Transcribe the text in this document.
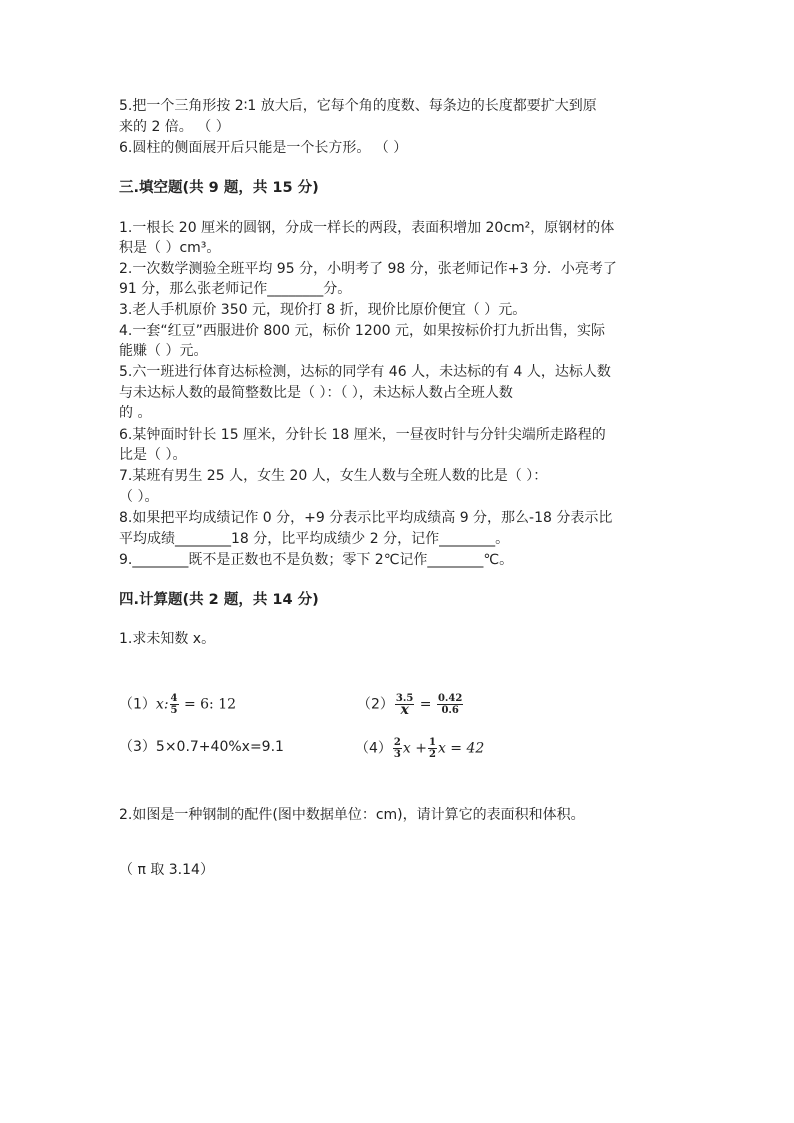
5.把一个三角形按 2∶1 放大后，它每个角的度数、每条边的长度都要扩大到原
来的 2 倍。 （ ）
6.圆柱的侧面展开后只能是一个长方形。 （ ）
三.填空题(共 9 题，共 15 分)
1.一根长 20 厘米的圆钢，分成一样长的两段，表面积增加 20cm²，原钢材的体
积是（ ）cm³。
2.一次数学测验全班平均 95 分，小明考了 98 分，张老师记作+3 分．小亮考了
91 分，那么张老师记作________分。
3.老人手机原价 350 元，现价打 8 折，现价比原价便宜（ ）元。
4.一套“红豆”西服进价 800 元，标价 1200 元，如果按标价打九折出售，实际
能赚（ ）元。
5.六一班进行体育达标检测，达标的同学有 46 人，未达标的有 4 人，达标人数
与未达标人数的最简整数比是（ ）：（ ），未达标人数占全班人数
的 。
6.某钟面时针长 15 厘米，分针长 18 厘米，一昼夜时针与分针尖端所走路程的
比是（ ）。
7.某班有男生 25 人，女生 20 人，女生人数与全班人数的比是（ ）：
（ ）。
8.如果把平均成绩记作 0 分，+9 分表示比平均成绩高 9 分，那么-18 分表示比
平均成绩________18 分，比平均成绩少 2 分，记作________。
9.________既不是正数也不是负数；零下 2℃记作________℃。
四.计算题(共 2 题，共 14 分)
1.求未知数 x。
（1）x: $\frac{4}{5} = 6$: 12	$(2) \frac{3.5}{x} = \frac{0.42}{0.6}$
（3）5×0.7+40%x=9.1	$(4) \frac{2}{3}$ $x + \frac{1}{2}$ x = 42
2.如图是一种钢制的配件(图中数据单位：cm)，请计算它的表面积和体积。
（ π 取 3.14）
